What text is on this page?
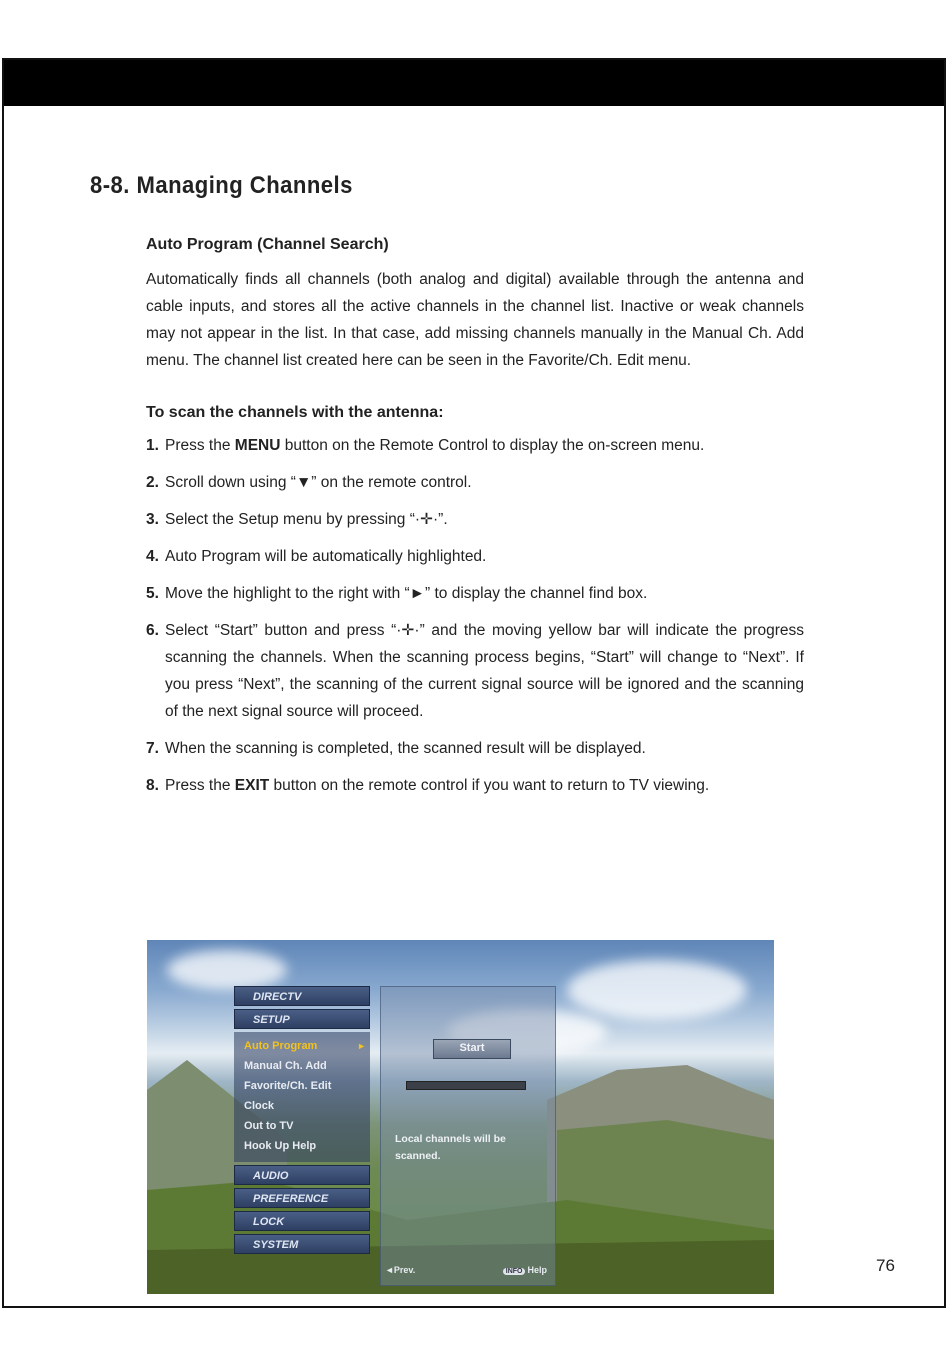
8-8. Managing Channels

Auto Program (Channel Search)

Automatically finds all channels (both analog and digital) available through the antenna and cable inputs, and stores all the active channels in the channel list. Inactive or weak channels may not appear in the list. In that case, add missing channels manually in the Manual Ch. Add menu. The channel list created here can be seen in the Favorite/Ch. Edit menu.

To scan the channels with the antenna:

1. Press the MENU button on the Remote Control to display the on-screen menu.
2. Scroll down using “▼” on the remote control.
3. Select the Setup menu by pressing “·✛·”.
4. Auto Program will be automatically highlighted.
5. Move the highlight to the right with “►” to display the channel find box.
6. Select “Start” button and press “·✛·” and the moving yellow bar will indicate the progress scanning the channels. When the scanning process begins, “Start” will change to “Next”. If you press “Next”, the scanning of the current signal source will be ignored and the scanning of the next signal source will proceed.
7. When the scanning is completed, the scanned result will be displayed.
8. Press the EXIT button on the remote control if you want to return to TV viewing.
DIRECTV
SETUP
Auto Program	►
Manual Ch. Add
Favorite/Ch. Edit
Clock
Out to TV
Hook Up Help
AUDIO
PREFERENCE
LOCK
SYSTEM
Start
Local channels will be scanned.
◄Prev.	INFO Help	76
